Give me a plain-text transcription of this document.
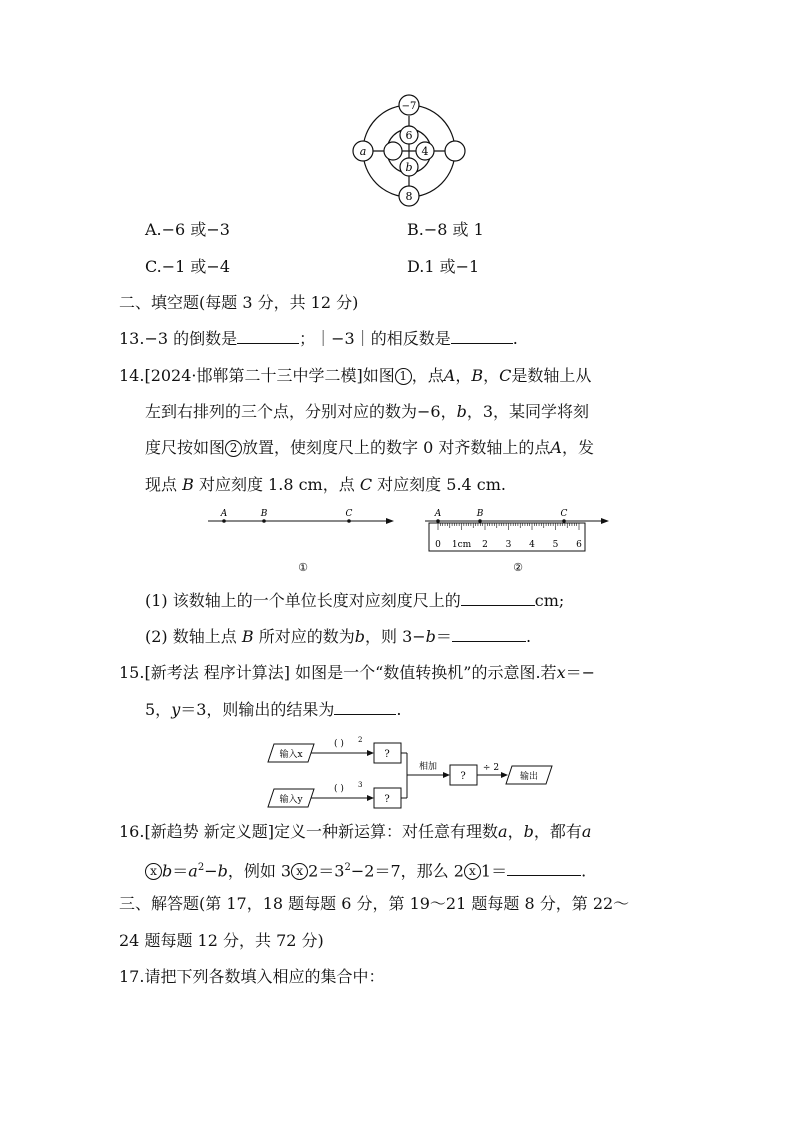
−7
6
a
b
4
8
A.−6 或−3	B.−8 或 1
C.−1 或−4	D.1 或−1
二、填空题(每题 3 分，共 12 分)
13.−3 的倒数是	；｜−3｜的相反数是	.
14.[2024·邯郸第二十三中学二模]如图 1 ，点A，B，C是数轴上从
左到右排列的三个点，分别对应的数为−6，b，3，某同学将刻
度尺按如图 2 放置，使刻度尺上的数字 0 对齐数轴上的点A，发
现点 B 对应刻度 1.8 cm，点 C 对应刻度 5.4 cm.
A	B	C
①
A	B	C
0 1cm 2 3 4 5 6
②
(1) 该数轴上的一个单位长度对应刻度尺上的	cm;
(2) 数轴上点 B 所对应的数为b，则 3−b＝	.
15.[新考法 程序计算法] 如图是一个“数值转换机”的示意图.若x＝−
5，y＝3，则输出的结果为	.
输入x
( ) 2
?
输入y
( ) 3
?
相加
?
÷ 2
输出
16.[新趋势 新定义题]定义一种新运算：对任意有理数a，b，都有a
x $b=a^2-b$，例如 3 x $2=3^2-2=7$，那么 2 x 1＝	.
三、解答题(第 17，18 题每题 6 分，第 19～21 题每题 8 分，第 22～
24 题每题 12 分，共 72 分)
17.请把下列各数填入相应的集合中：
